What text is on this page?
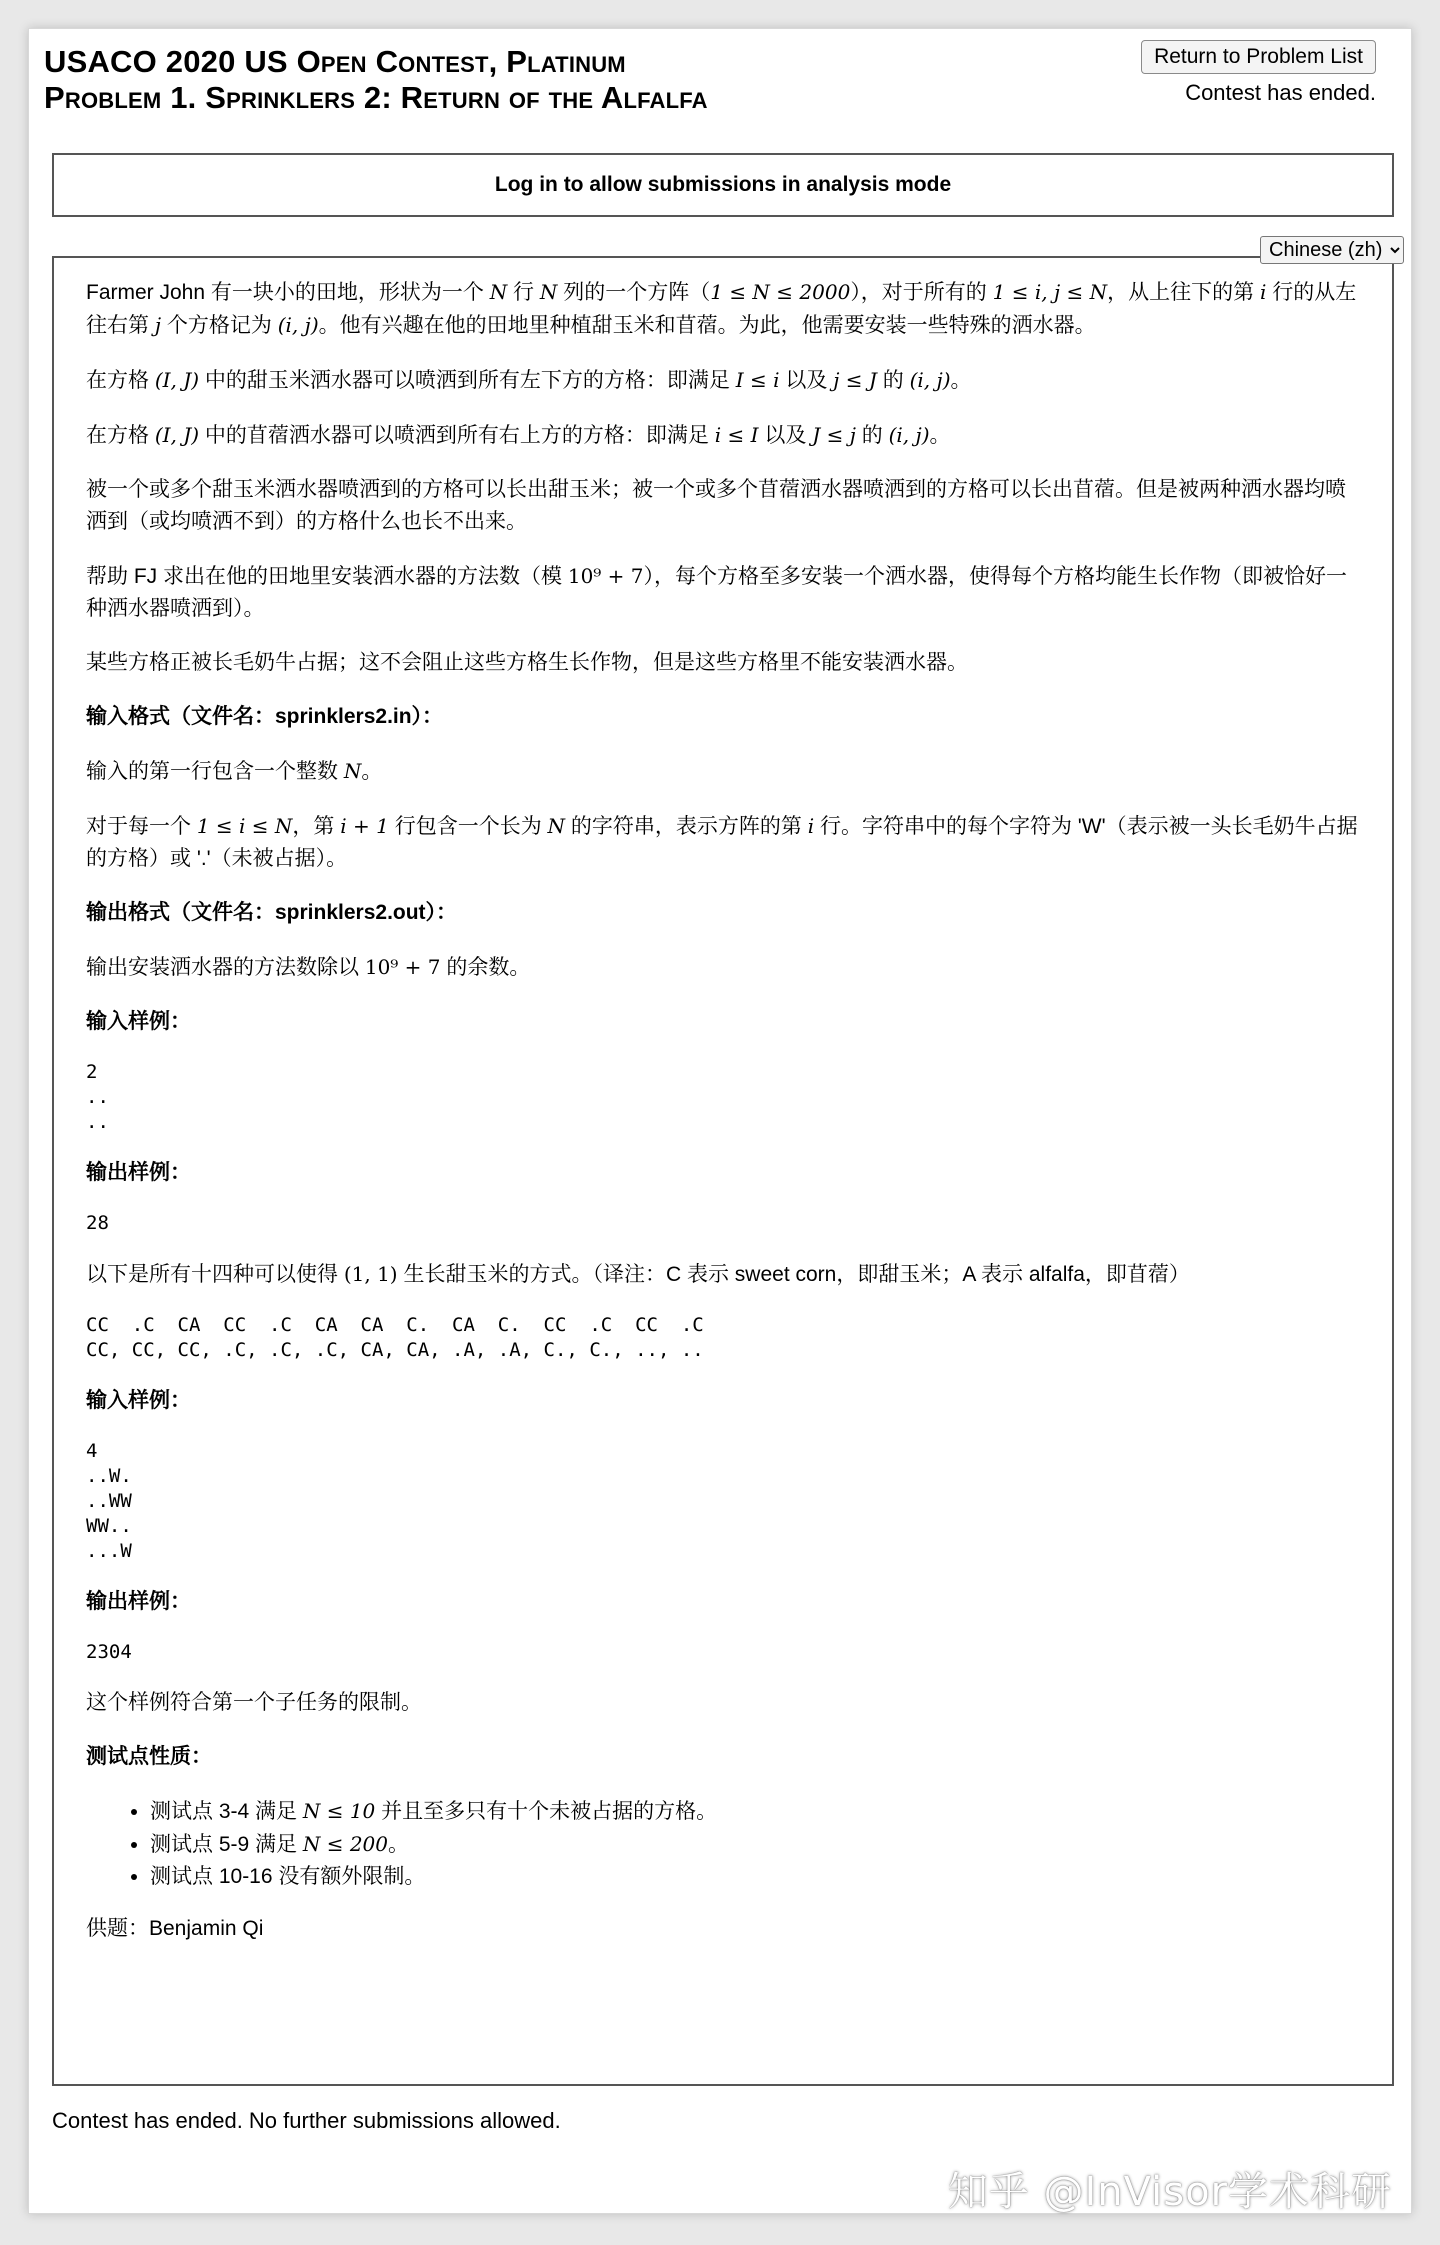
USACO 2020 US Open Contest, Platinum
Problem 1. Sprinklers 2: Return of the Alfalfa
Return to Problem List
Contest has ended.
Log in to allow submissions in analysis mode
Chinese (zh)

Farmer John 有一块小的田地，形状为一个 N 行 N 列的一个方阵（1 ≤ N ≤ 2000），对于所有的 1 ≤ i, j ≤ N，从上往下的第 i 行的从左往右第 j 个方格记为 (i, j)。他有兴趣在他的田地里种植甜玉米和苜蓿。为此，他需要安装一些特殊的洒水器。

在方格 (I, J) 中的甜玉米洒水器可以喷洒到所有左下方的方格：即满足 I ≤ i 以及 j ≤ J 的 (i, j)。

在方格 (I, J) 中的苜蓿洒水器可以喷洒到所有右上方的方格：即满足 i ≤ I 以及 J ≤ j 的 (i, j)。

被一个或多个甜玉米洒水器喷洒到的方格可以长出甜玉米；被一个或多个苜蓿洒水器喷洒到的方格可以长出苜蓿。但是被两种洒水器均喷洒到（或均喷洒不到）的方格什么也长不出来。

帮助 FJ 求出在他的田地里安装洒水器的方法数（模 10⁹ + 7），每个方格至多安装一个洒水器，使得每个方格均能生长作物（即被恰好一种洒水器喷洒到）。

某些方格正被长毛奶牛占据；这不会阻止这些方格生长作物，但是这些方格里不能安装洒水器。

输入格式（文件名：sprinklers2.in）：

输入的第一行包含一个整数 N。

对于每一个 1 ≤ i ≤ N，第 i + 1 行包含一个长为 N 的字符串，表示方阵的第 i 行。字符串中的每个字符为 'W'（表示被一头长毛奶牛占据的方格）或 '.'（未被占据）。

输出格式（文件名：sprinklers2.out）：

输出安装洒水器的方法数除以 10⁹ + 7 的余数。

输入样例：

2
..
..

输出样例：

28

以下是所有十四种可以使得 (1, 1) 生长甜玉米的方式。（译注：C 表示 sweet corn，即甜玉米；A 表示 alfalfa，即苜蓿）

CC  .C  CA  CC  .C  CA  CA  C.  CA  C.  CC  .C  CC  .C
CC, CC, CC, .C, .C, .C, CA, CA, .A, .A, C., C., .., ..

输入样例：

4
..W.
..WW
WW..
...W

输出样例：

2304

这个样例符合第一个子任务的限制。

测试点性质：

• 测试点 3-4 满足 N ≤ 10 并且至多只有十个未被占据的方格。
• 测试点 5-9 满足 N ≤ 200。
• 测试点 10-16 没有额外限制。

供题：Benjamin Qi

Contest has ended. No further submissions allowed.
知乎 @InVisor学术科研
